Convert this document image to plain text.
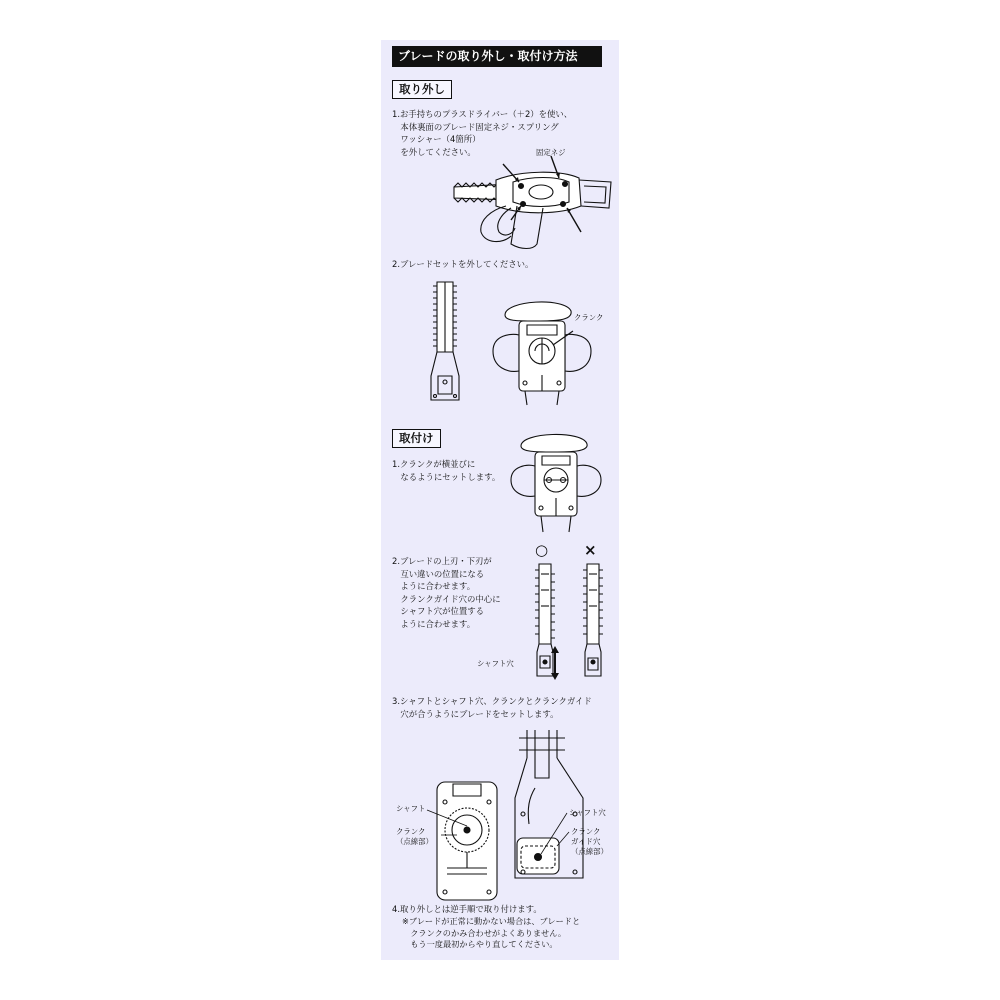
ブレードの取り外し・取付け方法
取り外し
1.お手持ちのプラスドライバー（＋2）を使い、
　本体裏面のブレード固定ネジ・スプリング
　ワッシャー（4箇所）
　を外してください。	固定ネジ
2.ブレードセットを外してください。
クランク
取付け
1.クランクが横並びに
　なるようにセットします。
○ ×
2.ブレードの上刃・下刃が
　互い違いの位置になる
　ように合わせます。
　クランクガイド穴の中心に
　シャフト穴が位置する
　ように合わせます。
シャフト穴
3.シャフトとシャフト穴、クランクとクランクガイド
　穴が合うようにブレードをセットします。
シャフト
クランク
（点線部）
シャフト穴
クランク
ガイド穴
（点線部）
4.取り外しとは逆手順で取り付けます。
※ブレードが正常に動かない場合は、ブレードと
　クランクのかみ合わせがよくありません。
　もう一度最初からやり直してください。
